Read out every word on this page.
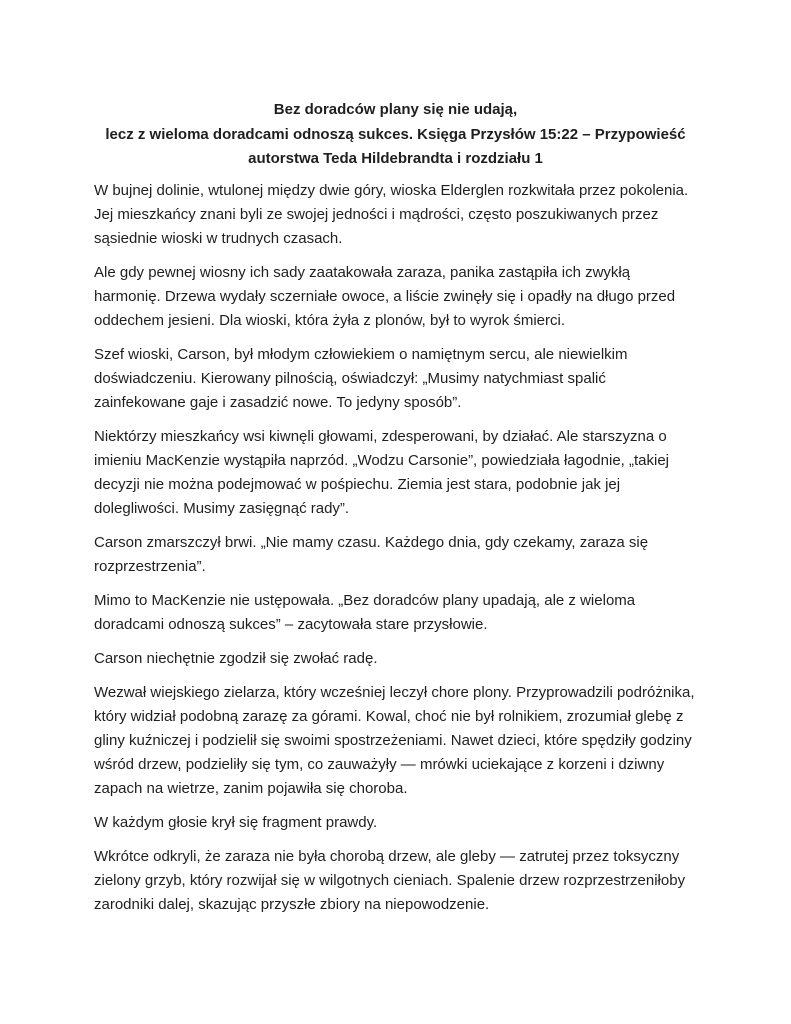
Bez doradców plany się nie udają,
lecz z wieloma doradcami odnoszą sukces. Księga Przysłów 15:22 – Przypowieść
autorstwa Teda Hildebrandta i rozdziału 1

W bujnej dolinie, wtulonej między dwie góry, wioska Elderglen rozkwitała przez pokolenia. Jej mieszkańcy znani byli ze swojej jedności i mądrości, często poszukiwanych przez sąsiednie wioski w trudnych czasach.

Ale gdy pewnej wiosny ich sady zaatakowała zaraza, panika zastąpiła ich zwykłą harmonię. Drzewa wydały sczerniałe owoce, a liście zwinęły się i opadły na długo przed oddechem jesieni. Dla wioski, która żyła z plonów, był to wyrok śmierci.

Szef wioski, Carson, był młodym człowiekiem o namiętnym sercu, ale niewielkim doświadczeniu. Kierowany pilnością, oświadczył: „Musimy natychmiast spalić zainfekowane gaje i zasadzić nowe. To jedyny sposób”.

Niektórzy mieszkańcy wsi kiwnęli głowami, zdesperowani, by działać. Ale starszyzna o imieniu MacKenzie wystąpiła naprzód. „Wodzu Carsonie”, powiedziała łagodnie, „takiej decyzji nie można podejmować w pośpiechu. Ziemia jest stara, podobnie jak jej dolegliwości. Musimy zasięgnąć rady”.

Carson zmarszczył brwi. „Nie mamy czasu. Każdego dnia, gdy czekamy, zaraza się rozprzestrzenia”.

Mimo to MacKenzie nie ustępowała. „Bez doradców plany upadają, ale z wieloma doradcami odnoszą sukces” – zacytowała stare przysłowie.

Carson niechętnie zgodził się zwołać radę.

Wezwał wiejskiego zielarza, który wcześniej leczył chore plony. Przyprowadzili podróżnika, który widział podobną zarazę za górami. Kowal, choć nie był rolnikiem, zrozumiał glebę z gliny kuźniczej i podzielił się swoimi spostrzeżeniami. Nawet dzieci, które spędziły godziny wśród drzew, podzieliły się tym, co zauważyły — mrówki uciekające z korzeni i dziwny zapach na wietrze, zanim pojawiła się choroba.

W każdym głosie krył się fragment prawdy.

Wkrótce odkryli, że zaraza nie była chorobą drzew, ale gleby — zatrutej przez toksyczny zielony grzyb, który rozwijał się w wilgotnych cieniach. Spalenie drzew rozprzestrzeniłoby zarodniki dalej, skazując przyszłe zbiory na niepowodzenie.
